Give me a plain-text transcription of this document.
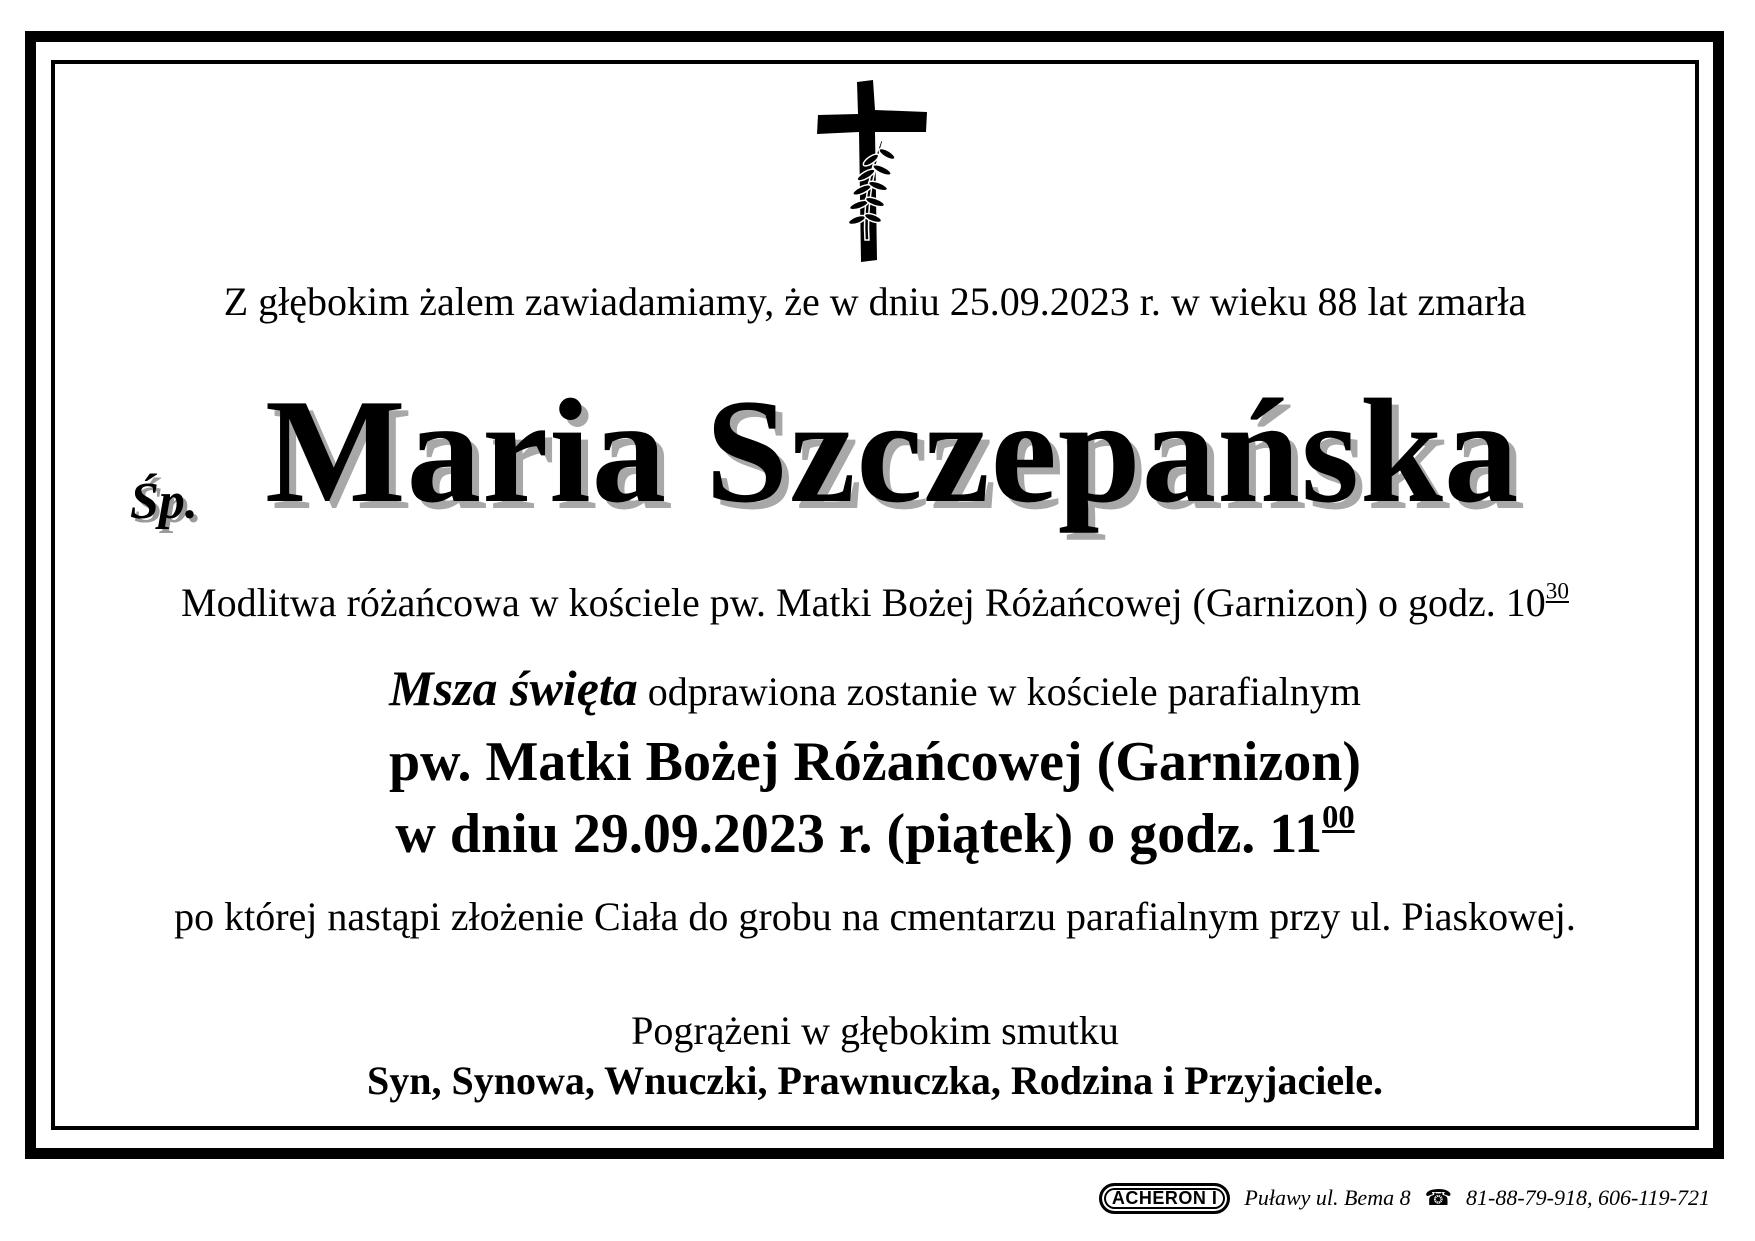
Z głębokim żalem zawiadamiamy, że w dniu 25.09.2023 r. w wieku 88 lat zmarła
Śp. Maria Szczepańska
Modlitwa różańcowa w kościele pw. Matki Bożej Różańcowej (Garnizon) o godz. $10^{30}$
Msza święta odprawiona zostanie w kościele parafialnym
pw. Matki Bożej Różańcowej (Garnizon)
w dniu 29.09.2023 r. (piątek) o godz. $11^{00}$
po której nastąpi złożenie Ciała do grobu na cmentarzu parafialnym przy ul. Piaskowej.
Pogrążeni w głębokim smutku
Syn, Synowa, Wnuczki, Prawnuczka, Rodzina i Przyjaciele.
ACHERON I	Puławy ul. Bema 8 ☎ 81-88-79-918, 606-119-721
